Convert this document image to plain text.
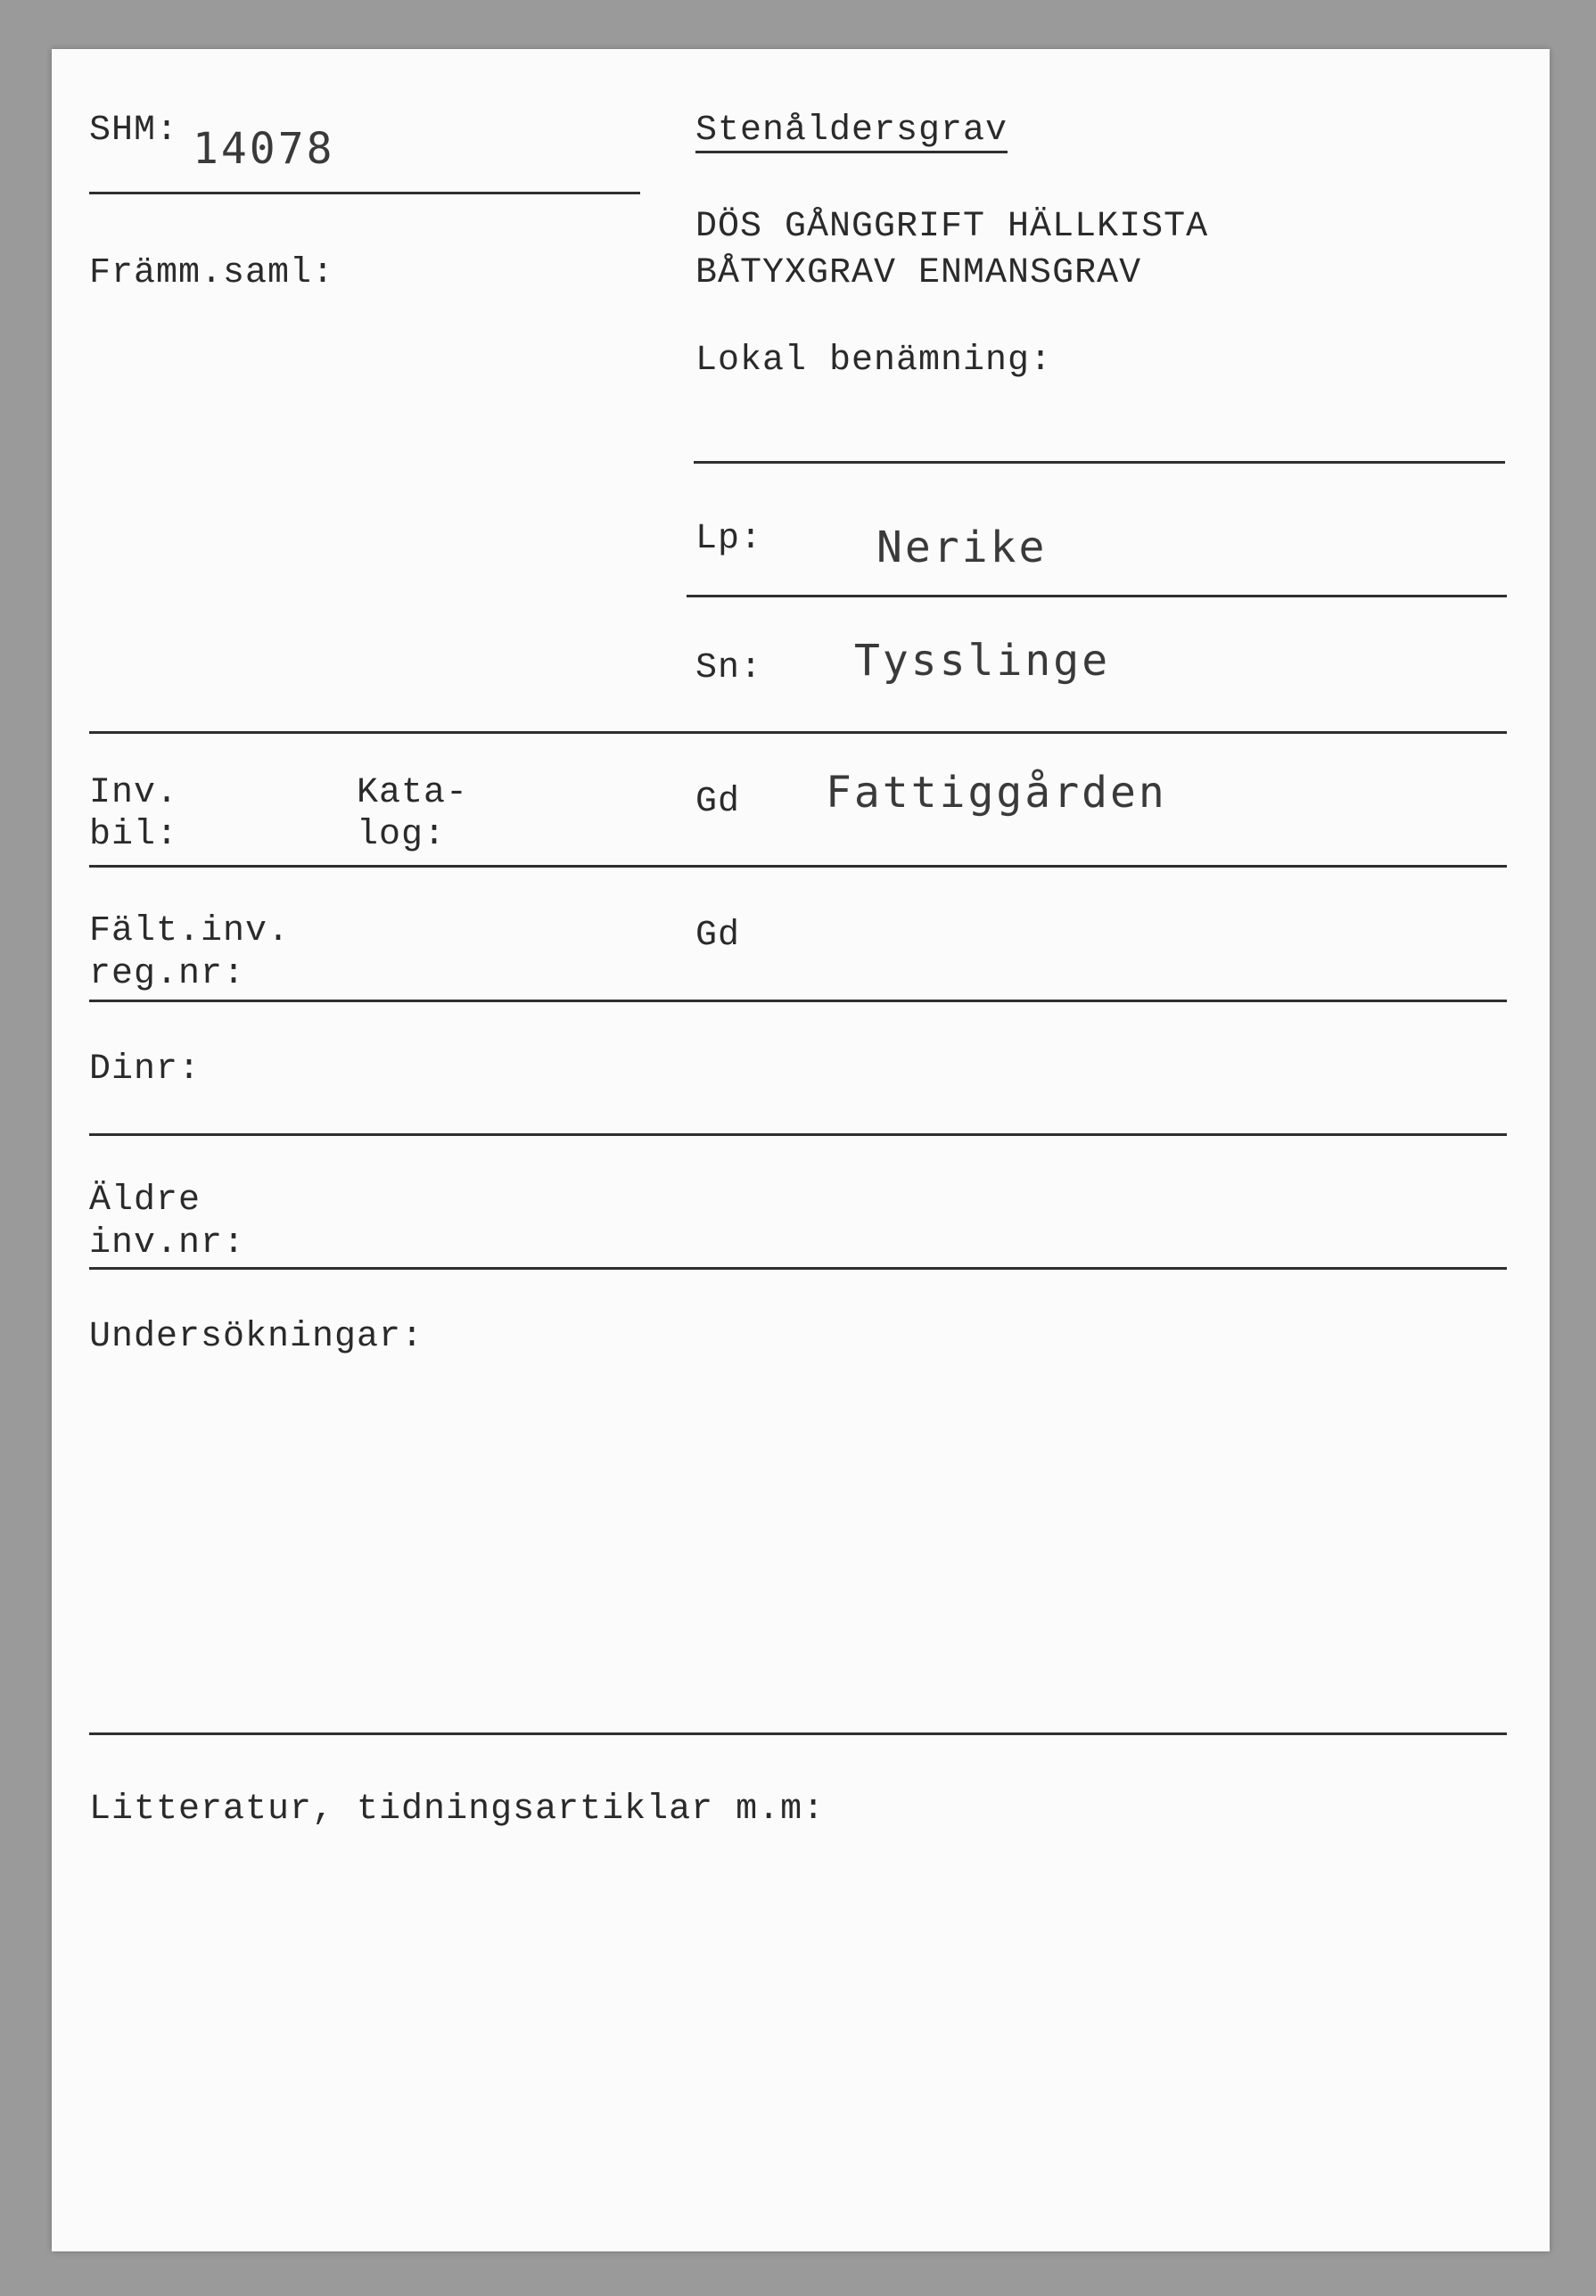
SHM: 14078
Främm.saml:
Stenåldersgrav
DÖS GÅNGGRIFT HÄLLKISTA
BÅTYXGRAV ENMANSGRAV
Lokal benämning:
Lp:	Nerike
Sn: Tysslinge
Inv.
bil:
Kata-
log:
Gd Fattiggården
Fält.inv.
reg.nr:
Gd
Dinr:
Äldre
inv.nr:
Undersökningar:
Litteratur, tidningsartiklar m.m:
